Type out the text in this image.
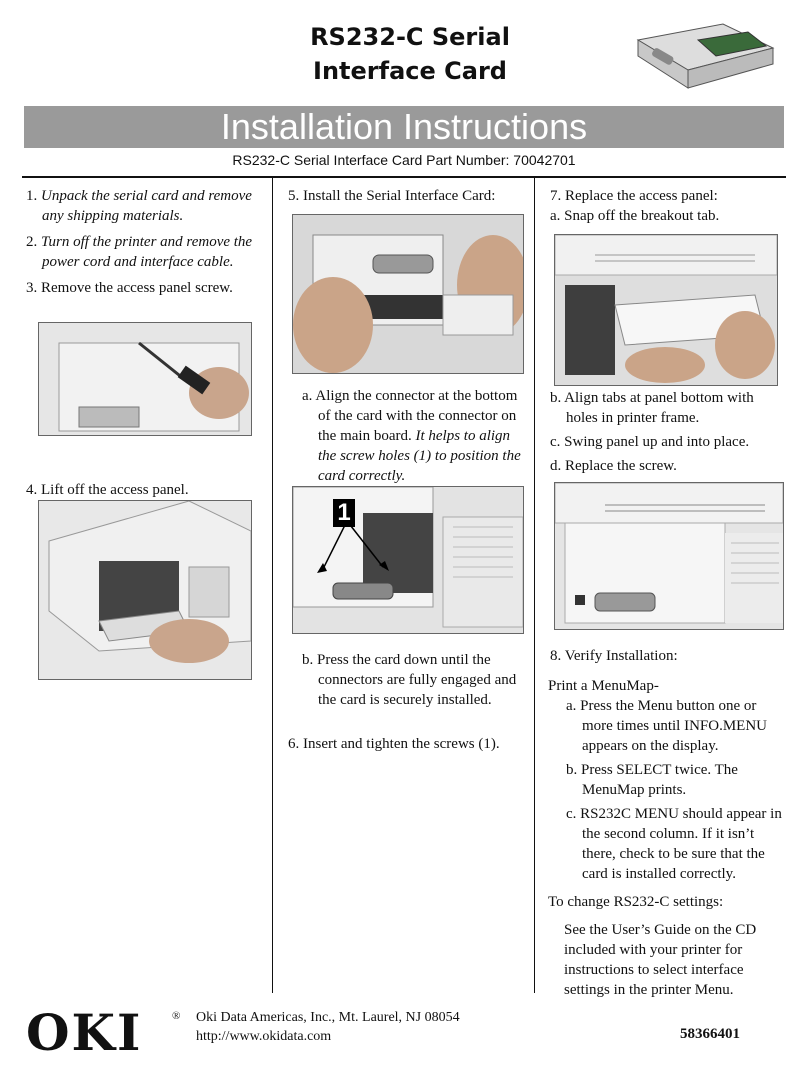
RS232-C Serial
Interface Card
Installation Instructions
RS232-C Serial Interface Card Part Number: 70042701
1. Unpack the serial card and remove any shipping materials.
2. Turn off the printer and remove the power cord and interface cable.
3. Remove the access panel screw.
4. Lift off the access panel.
5. Install the Serial Interface Card:
a. Align the connector at the bottom of the card with the connector on the main board. It helps to align the screw holes (1) to position the card correctly.
1
b. Press the card down until the connectors are fully engaged and the card is securely installed.
6. Insert and tighten the screws (1).
7. Replace the access panel:
a. Snap off the breakout tab.
b. Align tabs at panel bottom with holes in printer frame.
c. Swing panel up and into place.
d. Replace the screw.
8. Verify Installation:
Print a MenuMap-
a. Press the Menu button one or more times until INFO.MENU appears on the display.
b. Press SELECT twice. The MenuMap prints.
c. RS232C MENU should appear in the second column. If it isn’t there, check to be sure that the card is installed correctly.
To change RS232-C settings:
See the User’s Guide on the CD included with your printer for instructions to select interface settings in the printer Menu.
OKI	® Oki Data Americas, Inc., Mt. Laurel, NJ 08054
http://www.okidata.com	58366401
